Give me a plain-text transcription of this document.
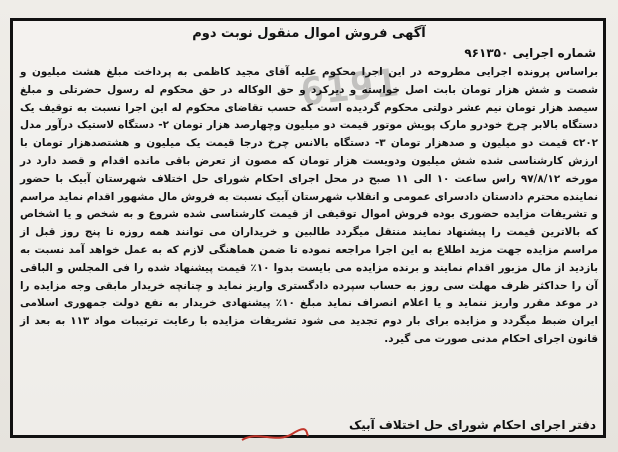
6191
آگهی فروش اموال منقول نوبت دوم
شماره اجرایی ۹۶۱۳۵۰

براساس پرونده اجرایی مطروحه در این اجرا محکوم علیه آقای مجید کاظمی به پرداخت مبلغ هشت میلیون و شصت و شش هزار تومان بابت اصل خواسته و دیرکرد و حق الوکاله در حق محکوم له رسول حضرتلی و مبلغ سیصد هزار تومان نیم عشر دولتی محکوم گردیده است که حسب تقاضای محکوم له این اجرا نسبت به توقیف یک دستگاه بالابر چرخ خودرو مارک پویش موتور قیمت دو میلیون وچهارصد هزار تومان ۲- دستگاه لاستیک درآور مدل c۲۰۲ قیمت دو میلیون و صدهزار تومان ۳- دستگاه بالانس چرخ درجا قیمت یک میلیون و هشتصدهزار تومان با ارزش کارشناسی شده شش میلیون ودویست هزار تومان که مصون از تعرض باقی مانده اقدام و قصد دارد در مورخه ۹۷/۸/۱۲ راس ساعت ۱۰ الی ۱۱ صبح در محل اجرای احکام شورای حل اختلاف شهرستان آبیک با حضور نماینده محترم دادستان دادسرای عمومی و انقلاب شهرستان آبیک نسبت به فروش مال مشهور اقدام نماید مراسم و تشریفات مزایده حضوری بوده فروش اموال توقیفی از قیمت کارشناسی شده شروع و به شخص و یا اشخاص که بالاترین قیمت را پیشنهاد نمایند منتقل میگردد طالبین و خریداران می توانند همه روزه تا پنج روز قبل از مراسم مزایده جهت مزید اطلاع به این اجرا مراجعه نموده تا ضمن هماهنگی لازم که به عمل خواهد آمد نسبت به بازدید از مال مزبور اقدام نمایند و برنده مزایده می بایست بدوا ۱۰٪ قیمت پیشنهاد شده را فی المجلس و الباقی آن را حداکثر ظرف مهلت سی روز به حساب سپرده دادگستری واریز نماید و چنانچه خریدار مابقی وجه مزایده را در موعد مقرر واریز ننماید و یا اعلام انصراف نماید مبلغ ۱۰٪ پیشنهادی خریدار به نفع دولت جمهوری اسلامی ایران ضبط میگردد و مزایده برای بار دوم تجدید می شود تشریفات مزایده با رعایت ترتیبات مواد ۱۱۳ به بعد از قانون اجرای احکام مدنی صورت می گیرد.

دفتر اجرای احکام شورای حل اختلاف آبیک
